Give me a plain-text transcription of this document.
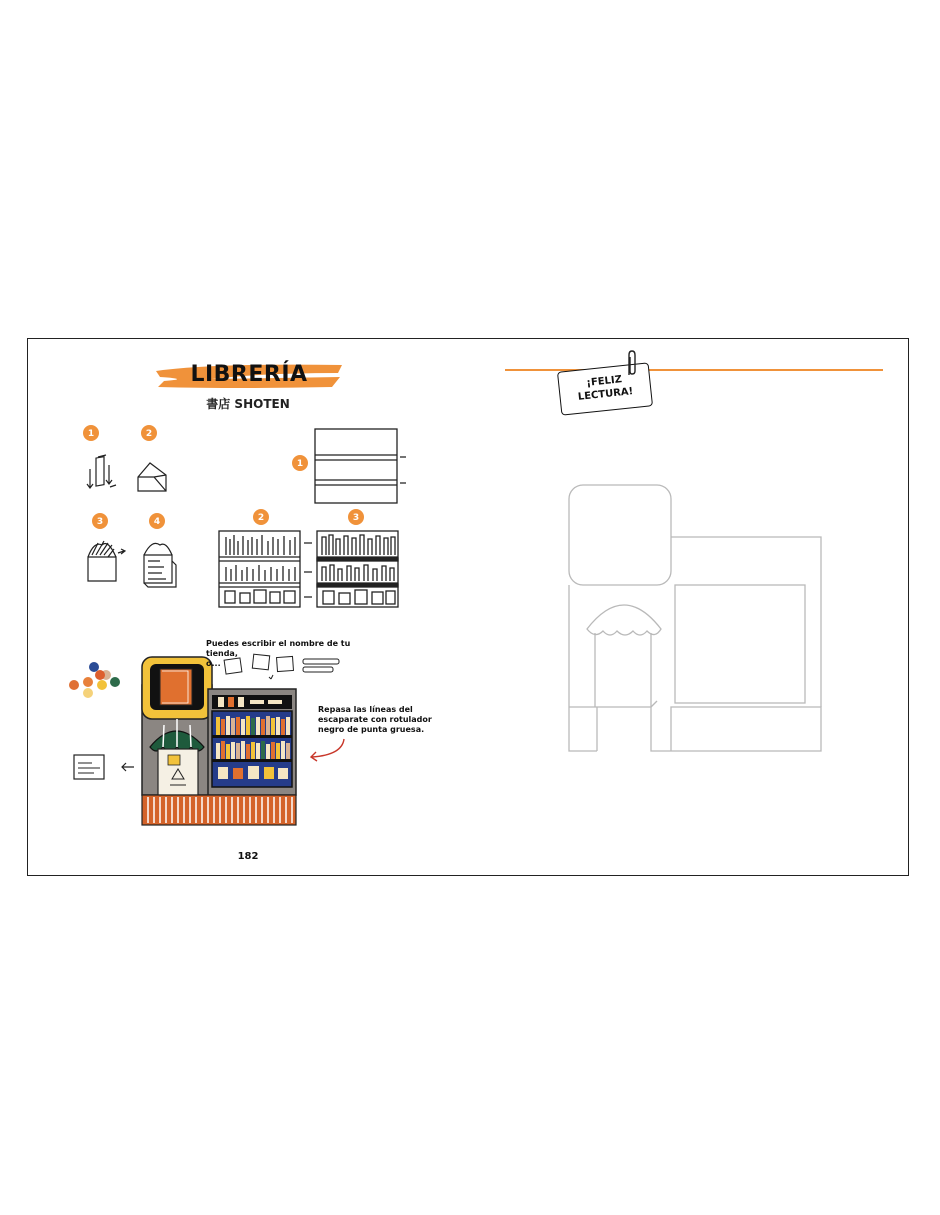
LIBRERÍA
書店 SHOTEN
1	2
3	4
1
2	3
Puedes escribir el nombre de tu tienda,
o...
Repasa las líneas del
escaparate con rotulador
negro de punta gruesa.
182
¡FELIZ
LECTURA!
